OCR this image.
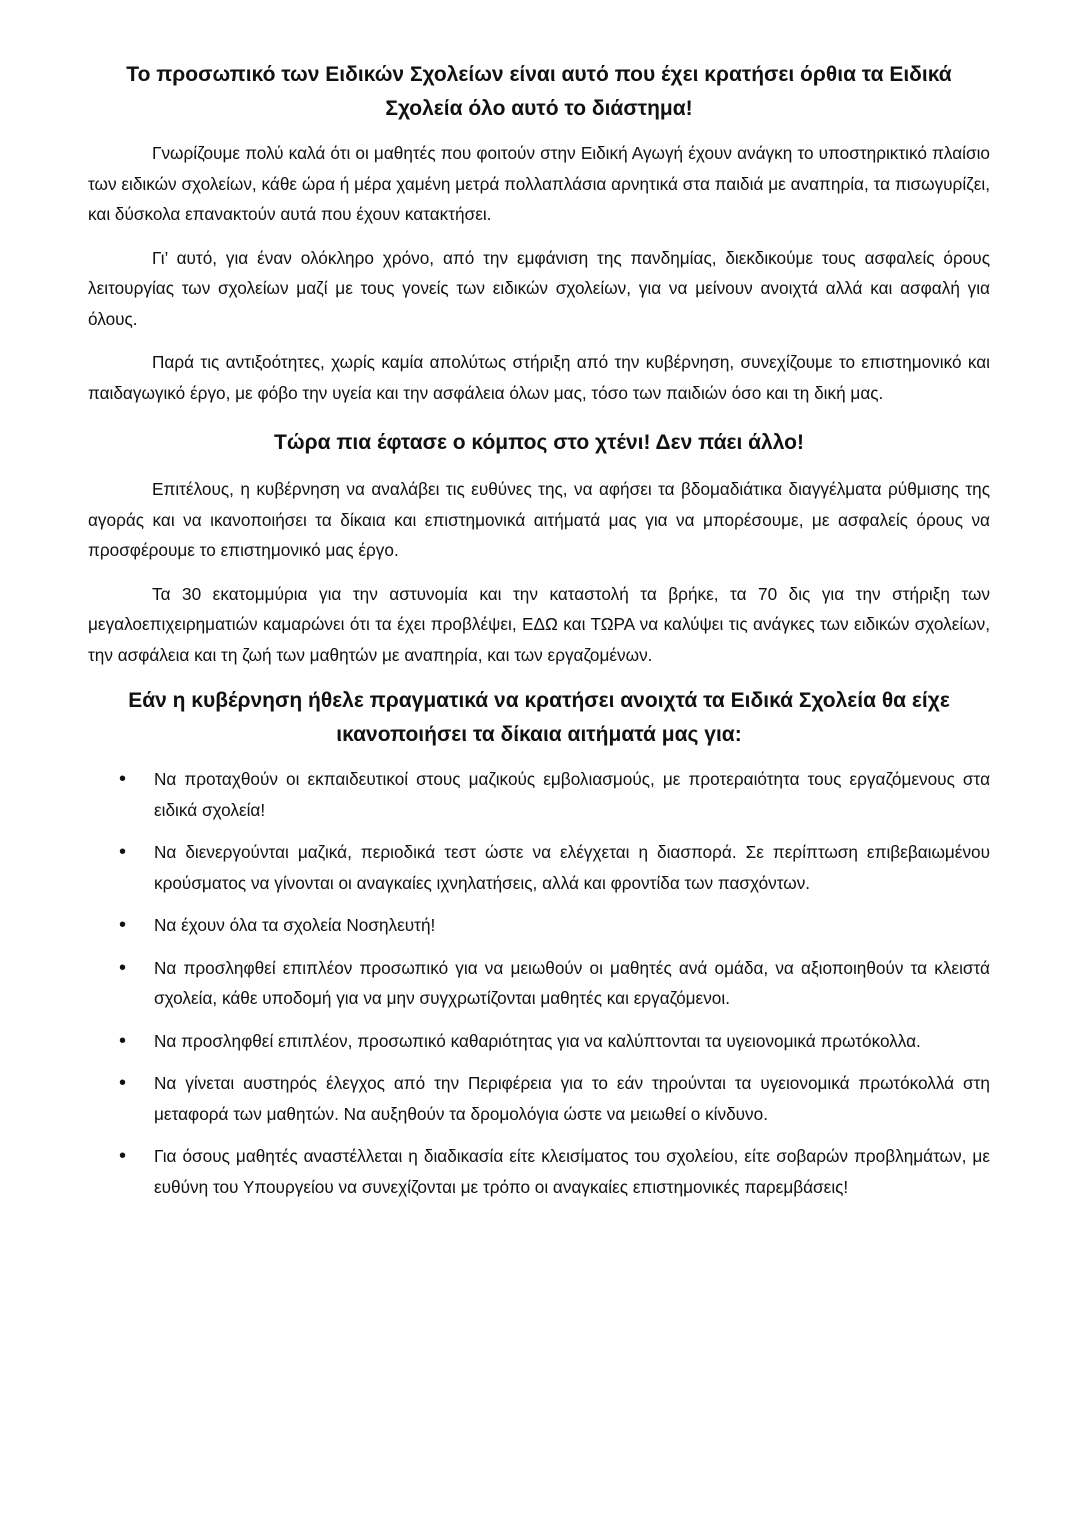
Το προσωπικό των Ειδικών Σχολείων είναι αυτό που έχει κρατήσει όρθια τα Ειδικά Σχολεία όλο αυτό το διάστημα!

Γνωρίζουμε πολύ καλά ότι οι μαθητές που φοιτούν στην Ειδική Αγωγή έχουν ανάγκη το υποστηρικτικό πλαίσιο των ειδικών σχολείων, κάθε ώρα ή μέρα χαμένη μετρά πολλαπλάσια αρνητικά στα παιδιά με αναπηρία, τα πισωγυρίζει, και δύσκολα επανακτούν αυτά που έχουν κατακτήσει.

Γι’ αυτό, για έναν ολόκληρο χρόνο, από την εμφάνιση της πανδημίας, διεκδικούμε τους ασφαλείς όρους λειτουργίας των σχολείων μαζί με τους γονείς των ειδικών σχολείων, για να μείνουν ανοιχτά αλλά και ασφαλή για όλους.

Παρά τις αντιξοότητες, χωρίς καμία απολύτως στήριξη από την κυβέρνηση, συνεχίζουμε το επιστημονικό και παιδαγωγικό έργο, με φόβο την υγεία και την ασφάλεια όλων μας, τόσο των παιδιών όσο και τη δική μας.

Τώρα πια έφτασε ο κόμπος στο χτένι! Δεν πάει άλλο!

Επιτέλους, η κυβέρνηση να αναλάβει τις ευθύνες της, να αφήσει τα βδομαδιάτικα διαγγέλματα ρύθμισης της αγοράς και να ικανοποιήσει τα δίκαια και επιστημονικά αιτήματά μας για να μπορέσουμε, με ασφαλείς όρους να προσφέρουμε το επιστημονικό μας έργο.

Τα 30 εκατομμύρια για την αστυνομία και την καταστολή τα βρήκε, τα 70 δις για την στήριξη των μεγαλοεπιχειρηματιών καμαρώνει ότι τα έχει προβλέψει, ΕΔΩ και ΤΩΡΑ να καλύψει τις ανάγκες των ειδικών σχολείων, την ασφάλεια και τη ζωή των μαθητών με αναπηρία, και των εργαζομένων.

Εάν η κυβέρνηση ήθελε πραγματικά να κρατήσει ανοιχτά τα Ειδικά Σχολεία θα είχε ικανοποιήσει τα δίκαια αιτήματά μας για:
• Να προταχθούν οι εκπαιδευτικοί στους μαζικούς εμβολιασμούς, με προτεραιότητα τους εργαζόμενους στα ειδικά σχολεία!
• Να διενεργούνται μαζικά, περιοδικά τεστ ώστε να ελέγχεται η διασπορά. Σε περίπτωση επιβεβαιωμένου κρούσματος να γίνονται οι αναγκαίες ιχνηλατήσεις, αλλά και φροντίδα των πασχόντων.
• Να έχουν όλα τα σχολεία Νοσηλευτή!
• Να προσληφθεί επιπλέον προσωπικό για να μειωθούν οι μαθητές ανά ομάδα, να αξιοποιηθούν τα κλειστά σχολεία, κάθε υποδομή για να μην συγχρωτίζονται μαθητές και εργαζόμενοι.
• Να προσληφθεί επιπλέον, προσωπικό καθαριότητας για να καλύπτονται τα υγειονομικά πρωτόκολλα.
• Να γίνεται αυστηρός έλεγχος από την Περιφέρεια για το εάν τηρούνται τα υγειονομικά πρωτόκολλά στη μεταφορά των μαθητών. Να αυξηθούν τα δρομολόγια ώστε να μειωθεί ο κίνδυνο.
• Για όσους μαθητές αναστέλλεται η διαδικασία είτε κλεισίματος του σχολείου, είτε σοβαρών προβλημάτων, με ευθύνη του Υπουργείου να συνεχίζονται με τρόπο οι αναγκαίες επιστημονικές παρεμβάσεις!
